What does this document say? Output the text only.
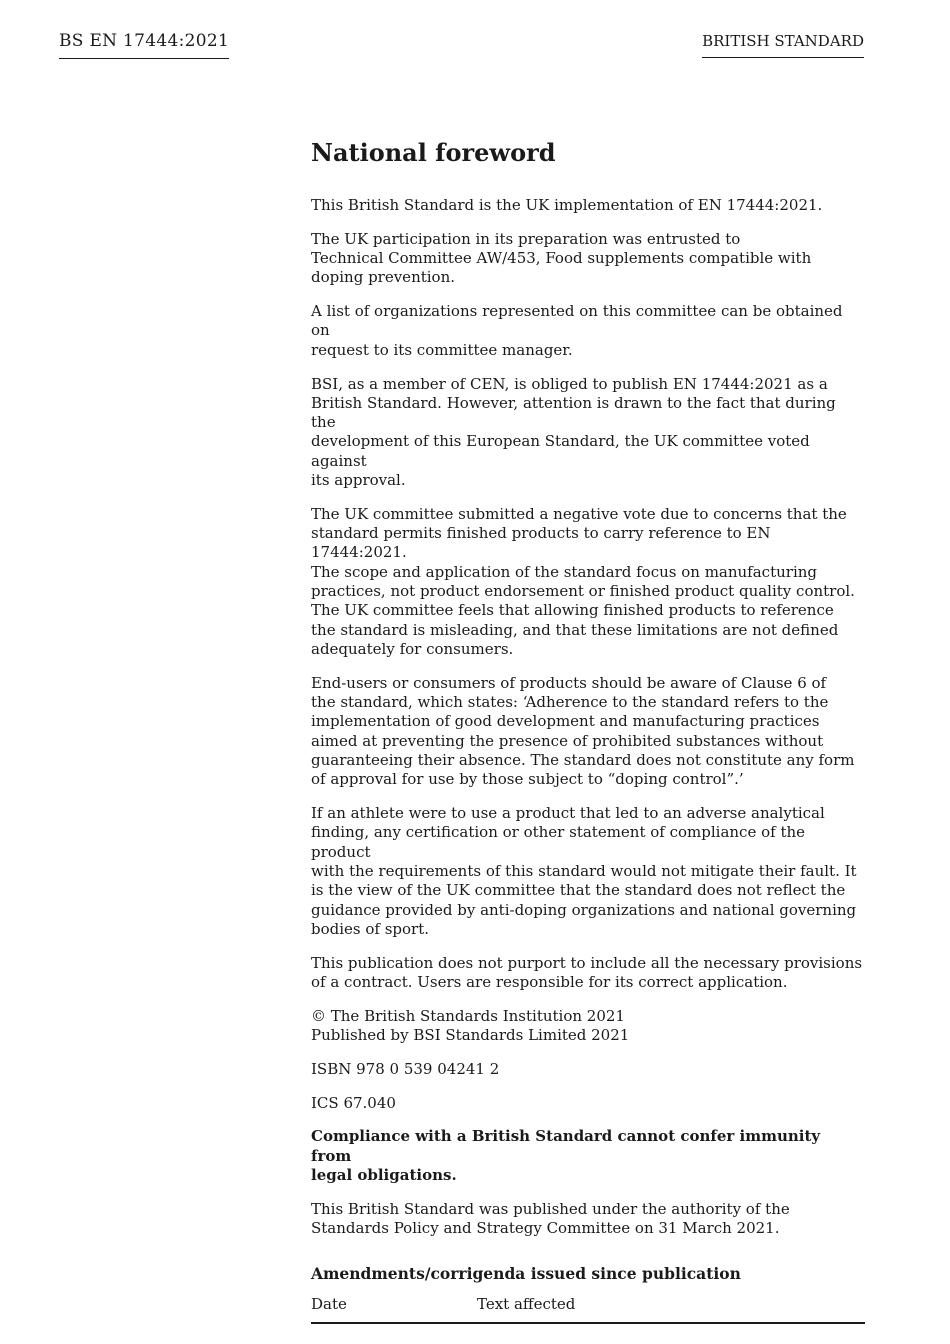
BS EN 17444:2021	BRITISH STANDARD
National foreword

This British Standard is the UK implementation of EN 17444:2021.

The UK participation in its preparation was entrusted to
Technical Committee AW/453, Food supplements compatible with
doping prevention.

A list of organizations represented on this committee can be obtained on
request to its committee manager.

BSI, as a member of CEN, is obliged to publish EN 17444:2021 as a
British Standard. However, attention is drawn to the fact that during the
development of this European Standard, the UK committee voted against
its approval.

The UK committee submitted a negative vote due to concerns that the
standard permits finished products to carry reference to EN 17444:2021.
The scope and application of the standard focus on manufacturing
practices, not product endorsement or finished product quality control.
The UK committee feels that allowing finished products to reference
the standard is misleading, and that these limitations are not defined
adequately for consumers.

End-users or consumers of products should be aware of Clause 6 of
the standard, which states: ‘Adherence to the standard refers to the
implementation of good development and manufacturing practices
aimed at preventing the presence of prohibited substances without
guaranteeing their absence. The standard does not constitute any form
of approval for use by those subject to “doping control”.’

If an athlete were to use a product that led to an adverse analytical
finding, any certification or other statement of compliance of the product
with the requirements of this standard would not mitigate their fault. It
is the view of the UK committee that the standard does not reflect the
guidance provided by anti-doping organizations and national governing
bodies of sport.

This publication does not purport to include all the necessary provisions
of a contract. Users are responsible for its correct application.

© The British Standards Institution 2021
Published by BSI Standards Limited 2021

ISBN 978 0 539 04241 2

ICS 67.040

Compliance with a British Standard cannot confer immunity from
legal obligations.

This British Standard was published under the authority of the
Standards Policy and Strategy Committee on 31 March 2021.

Amendments/corrigenda issued since publication
Date	Text affected
